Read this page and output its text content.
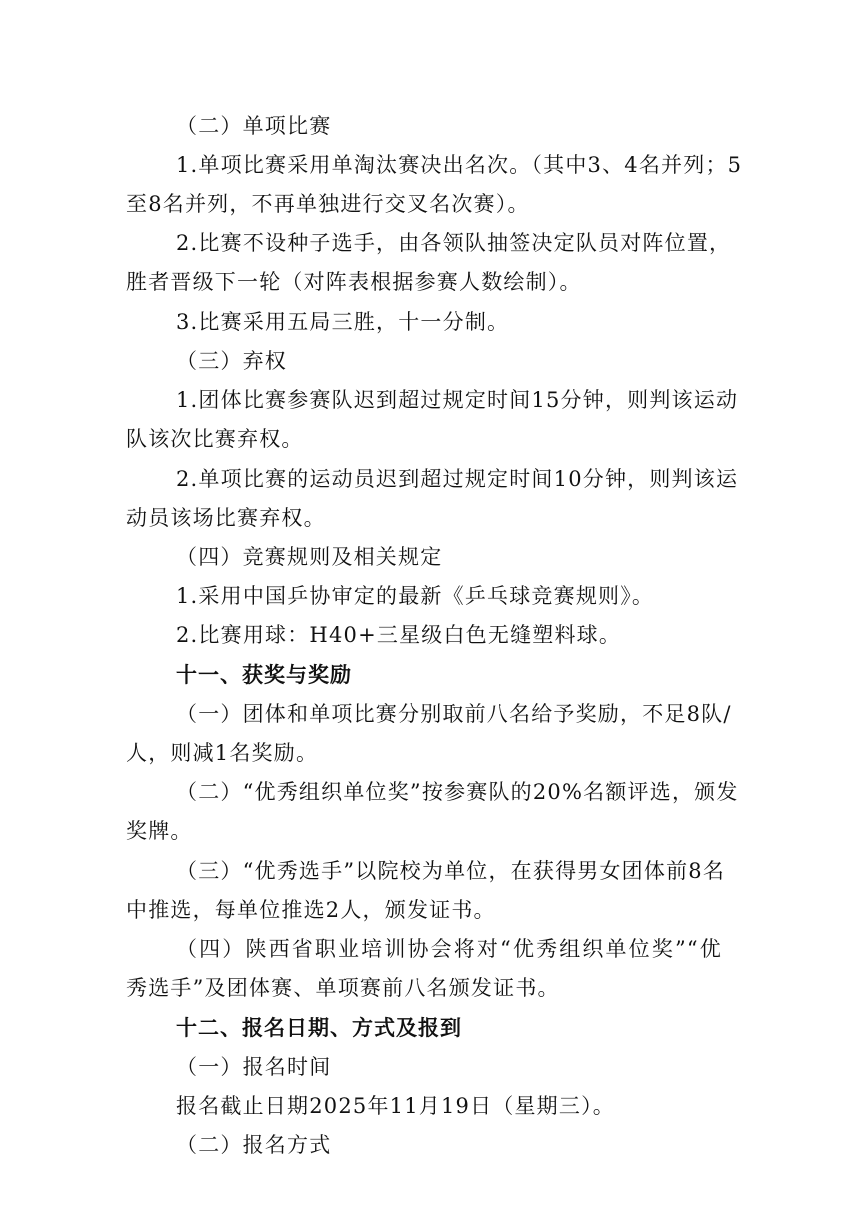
（二）单项比赛
1.单项比赛采用单淘汰赛决出名次。（其中3、4名并列；5
至8名并列，不再单独进行交叉名次赛）。
2.比赛不设种子选手，由各领队抽签决定队员对阵位置，
胜者晋级下一轮（对阵表根据参赛人数绘制）。
3.比赛采用五局三胜，十一分制。
（三）弃权
1.团体比赛参赛队迟到超过规定时间15分钟，则判该运动
队该次比赛弃权。
2.单项比赛的运动员迟到超过规定时间10分钟，则判该运
动员该场比赛弃权。
（四）竞赛规则及相关规定
1.采用中国乒协审定的最新《乒乓球竞赛规则》。
2.比赛用球：H40+三星级白色无缝塑料球。
十一、获奖与奖励
（一）团体和单项比赛分别取前八名给予奖励，不足8队/
人，则减1名奖励。
（二）“优秀组织单位奖”按参赛队的20%名额评选，颁发
奖牌。
（三）“优秀选手”以院校为单位，在获得男女团体前8名
中推选，每单位推选2人，颁发证书。
（四）陕西省职业培训协会将对“优秀组织单位奖”“优
秀选手”及团体赛、单项赛前八名颁发证书。
十二、报名日期、方式及报到
（一）报名时间
报名截止日期2025年11月19日（星期三）。
（二）报名方式
